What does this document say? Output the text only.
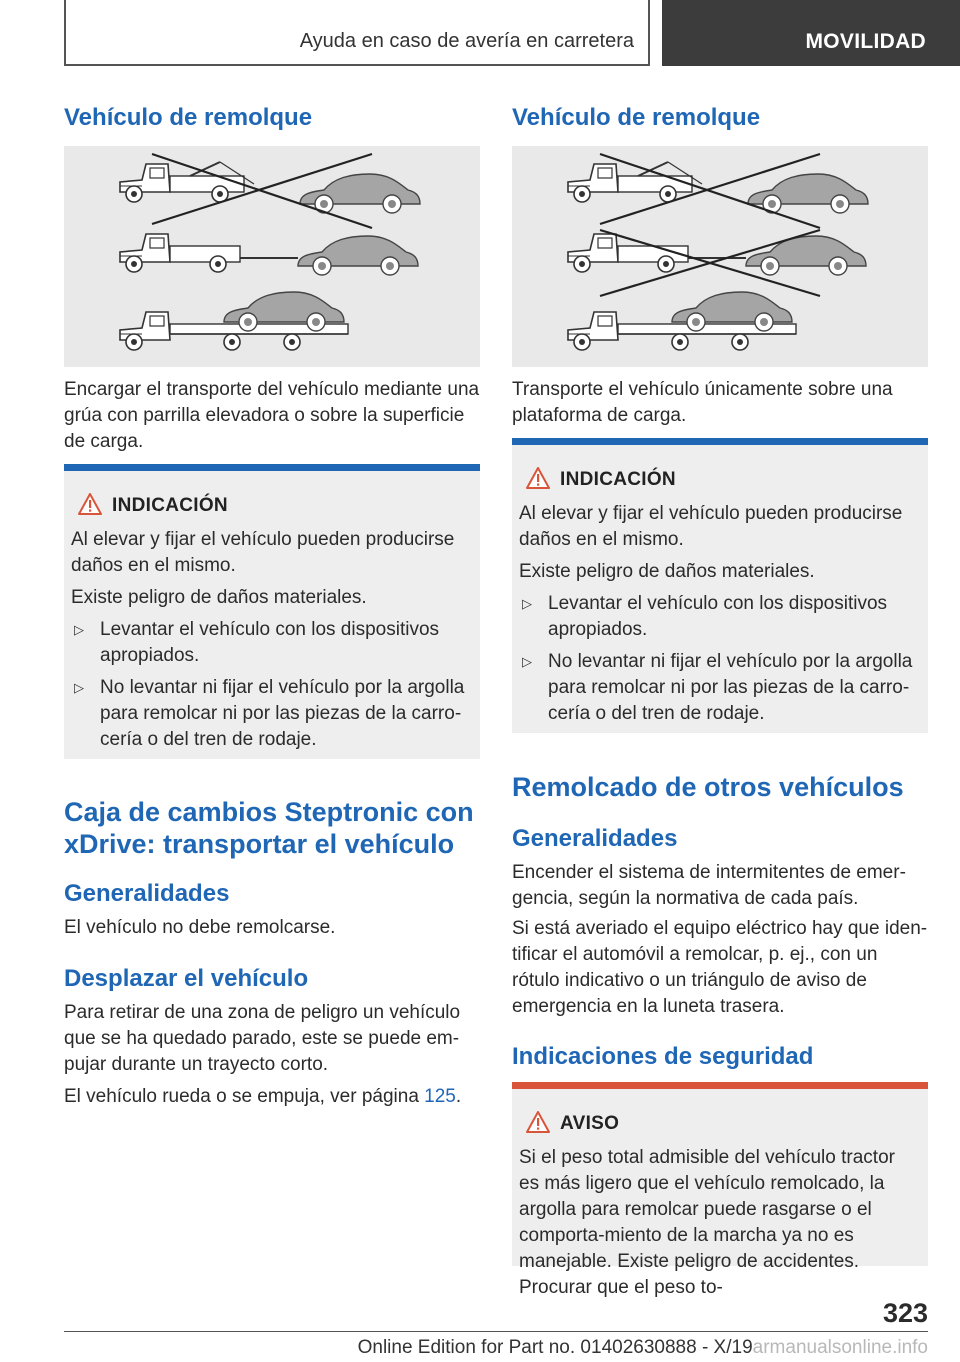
Ayuda en caso de avería en carretera	MOVILIDAD
Vehículo de remolque
Encargar el transporte del vehículo mediante una grúa con parrilla elevadora o sobre la superficie de carga.
INDICACIÓN
Al elevar y fijar el vehículo pueden producirse daños en el mismo.
Existe peligro de daños materiales.
▷ Levantar el vehículo con los dispositivos apropiados.
▷ No levantar ni fijar el vehículo por la argolla para remolcar ni por las piezas de la carro-cería o del tren de rodaje.
Caja de cambios Steptronic con xDrive: transportar el vehículo
Generalidades
El vehículo no debe remolcarse.
Desplazar el vehículo
Para retirar de una zona de peligro un vehículo que se ha quedado parado, este se puede em-pujar durante un trayecto corto.
El vehículo rueda o se empuja, ver página 125.
Vehículo de remolque
Transporte el vehículo únicamente sobre una plataforma de carga.
INDICACIÓN
Al elevar y fijar el vehículo pueden producirse daños en el mismo.
Existe peligro de daños materiales.
▷ Levantar el vehículo con los dispositivos apropiados.
▷ No levantar ni fijar el vehículo por la argolla para remolcar ni por las piezas de la carro-cería o del tren de rodaje.
Remolcado de otros vehículos
Generalidades
Encender el sistema de intermitentes de emer-gencia, según la normativa de cada país.
Si está averiado el equipo eléctrico hay que iden-tificar el automóvil a remolcar, p. ej., con un rótulo indicativo o un triángulo de aviso de emergencia en la luneta trasera.
Indicaciones de seguridad
AVISO
Si el peso total admisible del vehículo tractor es más ligero que el vehículo remolcado, la argolla para remolcar puede rasgarse o el comporta-miento de la marcha ya no es manejable. Existe peligro de accidentes. Procurar que el peso to-
323
Online Edition for Part no. 01402630888 - X/19armanualsonline.info
